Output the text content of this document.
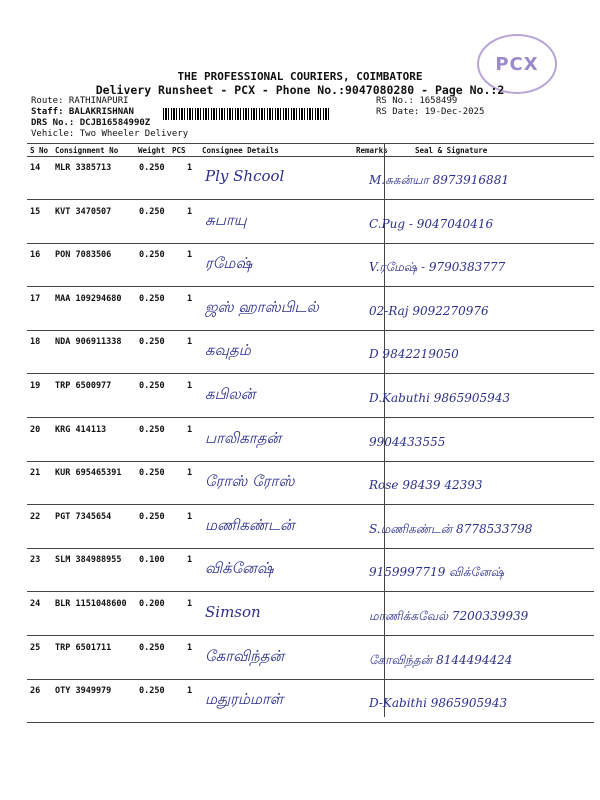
PCX
THE PROFESSIONAL COURIERS, COIMBATORE
Delivery Runsheet - PCX - Phone No.:9047080280 - Page No.:2
Route: RATHINAPURI
Staff: BALAKRISHNAN
DRS No.: DCJB16584990Z
Vehicle: Two Wheeler Delivery
RS No.: 1658499
RS Date: 19-Dec-2025
S No Consignment No	Weight PCS Consignee Details	Remarks	Seal & Signature
14 MLR 3385713	0.250	1 Ply Shcool	M.சுகன்யா 8973916881
15 KVT 3470507	0.250	1 சுபாயு	C.Pug - 9047040416
16 PON 7083506	0.250	1 ரமேஷ்	V.ரமேஷ் - 9790383777
17 MAA 109294680 0.250	1 ஜஸ் ஹாஸ்பிடல்	02-Raj 9092270976
18 NDA 906911338 0.250	1 கவுதம்	D 9842219050
19 TRP 6500977	0.250	1 கபிலன்	D.Kabuthi 9865905943
20 KRG 414113	0.250	1 பாலிகாதன்	9904433555
21 KUR 695465391 0.250	1 ரோஸ் ரோஸ்	Rose 98439 42393
22 PGT 7345654	0.250	1 மணிகண்டன்	S.மணிகண்டன் 8778533798
23 SLM 384988955 0.100	1 விக்னேஷ்	9159997719 விக்னேஷ்
24 BLR 1151048600 0.200	1 Simson	மாணிக்கவேல் 7200339939
25 TRP 6501711	0.250	1 கோவிந்தன்	கோவிந்தன் 8144494424
26 OTY 3949979	0.250	1 மதுரம்மாள்	D-Kabithi 9865905943
